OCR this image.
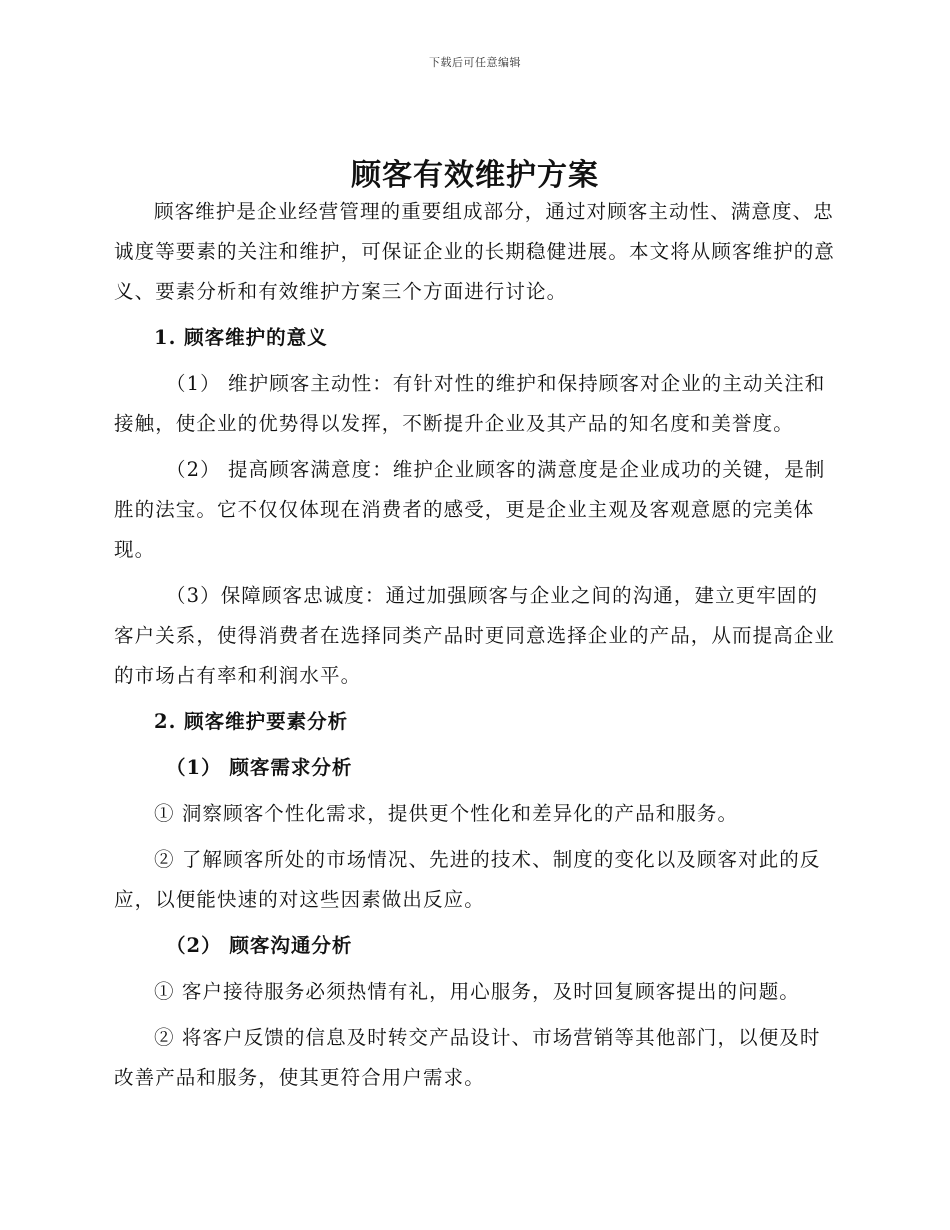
下载后可任意编辑
顾客有效维护方案

顾客维护是企业经营管理的重要组成部分，通过对顾客主动性、满意度、忠诚度等要素的关注和维护，可保证企业的长期稳健进展。本文将从顾客维护的意义、要素分析和有效维护方案三个方面进行讨论。

1. 顾客维护的意义

（1） 维护顾客主动性：有针对性的维护和保持顾客对企业的主动关注和接触，使企业的优势得以发挥，不断提升企业及其产品的知名度和美誉度。

（2） 提高顾客满意度：维护企业顾客的满意度是企业成功的关键，是制胜的法宝。它不仅仅体现在消费者的感受，更是企业主观及客观意愿的完美体现。

（3）保障顾客忠诚度：通过加强顾客与企业之间的沟通，建立更牢固的客户关系，使得消费者在选择同类产品时更同意选择企业的产品，从而提高企业的市场占有率和利润水平。

2. 顾客维护要素分析
（1） 顾客需求分析

① 洞察顾客个性化需求，提供更个性化和差异化的产品和服务。

② 了解顾客所处的市场情况、先进的技术、制度的变化以及顾客对此的反应，以便能快速的对这些因素做出反应。

（2） 顾客沟通分析

① 客户接待服务必须热情有礼，用心服务，及时回复顾客提出的问题。

② 将客户反馈的信息及时转交产品设计、市场营销等其他部门，以便及时改善产品和服务，使其更符合用户需求。
